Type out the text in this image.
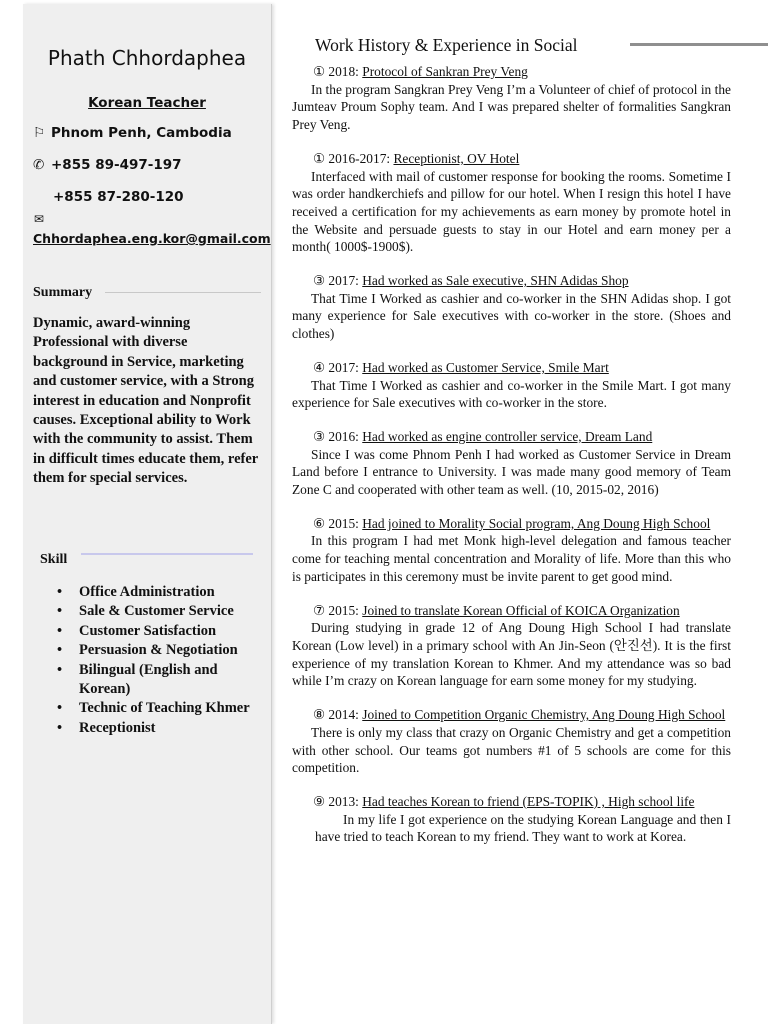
Phath Chhordaphea
Korean Teacher
⚐ Phnom Penh, Cambodia
✆ +855 89-497-197
+855 87-280-120
✉
Chhordaphea.eng.kor@gmail.com
Summary
Dynamic, award-winning Professional with diverse background in Service, marketing and customer service, with a Strong interest in education and Nonprofit causes. Exceptional ability to Work with the community to assist. Them in difficult times educate them, refer them for special services.
Skill
• Office Administration
• Sale & Customer Service
• Customer Satisfaction
• Persuasion & Negotiation
• Bilingual (English and Korean)
• Technic of Teaching Khmer
• Receptionist
Work History & Experience in Social
① 2018: Protocol of Sankran Prey Veng
In the program Sangkran Prey Veng I’m a Volunteer of chief of protocol in the Jumteav Proum Sophy team. And I was prepared shelter of formalities Sangkran Prey Veng.
① 2016-2017: Receptionist, OV Hotel
Interfaced with mail of customer response for booking the rooms. Sometime I was order handkerchiefs and pillow for our hotel. When I resign this hotel I have received a certification for my achievements as earn money by promote hotel in the Website and persuade guests to stay in our Hotel and earn money per a month( 1000$-1900$).
③ 2017: Had worked as Sale executive, SHN Adidas Shop
That Time I Worked as cashier and co-worker in the SHN Adidas shop. I got many experience for Sale executives with co-worker in the store. (Shoes and clothes)
④ 2017: Had worked as Customer Service, Smile Mart
That Time I Worked as cashier and co-worker in the Smile Mart. I got many experience for Sale executives with co-worker in the store.
③ 2016: Had worked as engine controller service, Dream Land
Since I was come Phnom Penh I had worked as Customer Service in Dream Land before I entrance to University. I was made many good memory of Team Zone C and cooperated with other team as well. (10, 2015-02, 2016)
⑥ 2015: Had joined to Morality Social program, Ang Doung High School
In this program I had met Monk high-level delegation and famous teacher come for teaching mental concentration and Morality of life. More than this who is participates in this ceremony must be invite parent to get good mind.
⑦ 2015: Joined to translate Korean Official of KOICA Organization
During studying in grade 12 of Ang Doung High School I had translate Korean (Low level) in a primary school with An Jin-Seon (안진선). It is the first experience of my translation Korean to Khmer. And my attendance was so bad while I’m crazy on Korean language for earn some money for my studying.
⑧ 2014: Joined to Competition Organic Chemistry, Ang Doung High School
There is only my class that crazy on Organic Chemistry and get a competition with other school. Our teams got numbers #1 of 5 schools are come for this competition.
⑨ 2013: Had teaches Korean to friend (EPS-TOPIK) , High school life
In my life I got experience on the studying Korean Language and then I have tried to teach Korean to my friend. They want to work at Korea.
